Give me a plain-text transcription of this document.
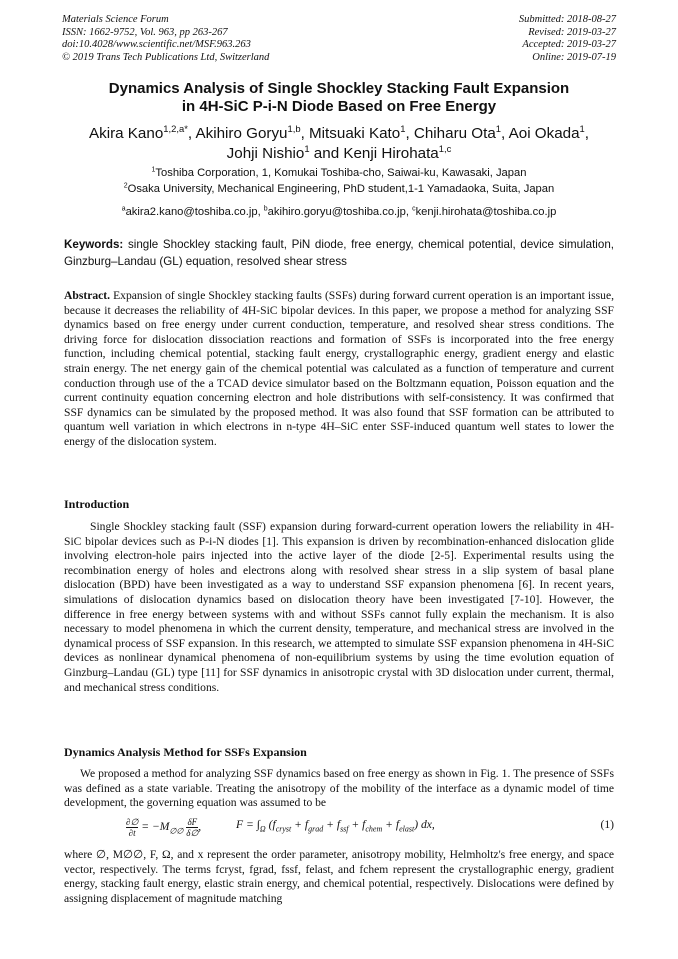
Materials Science Forum
ISSN: 1662-9752, Vol. 963, pp 263-267
doi:10.4028/www.scientific.net/MSF.963.263
© 2019 Trans Tech Publications Ltd, Switzerland
Submitted: 2018-08-27
Revised: 2019-03-27
Accepted: 2019-03-27
Online: 2019-07-19
Dynamics Analysis of Single Shockley Stacking Fault Expansion
in 4H-SiC P-i-N Diode Based on Free Energy
Akira Kano$^{1,2,a*}$, Akihiro Goryu$^{1,b}$, Mitsuaki Kato$^1$, Chiharu Ota$^1$, Aoi Okada$^1$,
Johji Nishio$^1$ and Kenji Hirohata$^{1,c}$
$^1$Toshiba Corporation, 1, Komukai Toshiba-cho, Saiwai-ku, Kawasaki, Japan
$^2$Osaka University, Mechanical Engineering, PhD student,1-1 Yamadaoka, Suita, Japan
$^a$akira2.kano@toshiba.co.jp, $^b$akihiro.goryu@toshiba.co.jp, $^c$kenji.hirohata@toshiba.co.jp
Keywords: single Shockley stacking fault, PiN diode, free energy, chemical potential, device simulation, Ginzburg–Landau (GL) equation, resolved shear stress
Abstract. Expansion of single Shockley stacking faults (SSFs) during forward current operation is an important issue, because it decreases the reliability of 4H-SiC bipolar devices. In this paper, we propose a method for analyzing SSF dynamics based on free energy under current conduction, temperature, and resolved shear stress conditions. The driving force for dislocation dissociation reactions and formation of SSFs is incorporated into the free energy function, including chemical potential, stacking fault energy, crystallographic energy, gradient energy and elastic strain energy. The net energy gain of the chemical potential was calculated as a function of temperature and current conduction through use of the a TCAD device simulator based on the Boltzmann equation, Poisson equation and the current continuity equation concerning electron and hole distributions with self-consistency. It was confirmed that SSF dynamics can be simulated by the proposed method. It was also found that SSF formation can be attributed to quantum well variation in which electrons in n-type 4H–SiC enter SSF-induced quantum well states to lower the energy of the dislocation system.
Introduction
Single Shockley stacking fault (SSF) expansion during forward-current operation lowers the reliability in 4H-SiC bipolar devices such as P-i-N diodes [1]. This expansion is driven by recombination-enhanced dislocation glide involving electron-hole pairs injected into the active layer of the diode [2-5]. Experimental results using the recombination energy of holes and electrons along with resolved shear stress in a slip system of basal plane dislocation (BPD) have been investigated as a way to understand SSF expansion phenomena [6]. In recent years, simulations of dislocation dynamics based on dislocation theory have been investigated [7-10]. However, the difference in free energy between systems with and without SSFs cannot fully explain the mechanism. It is also necessary to model phenomena in which the current density, temperature, and mechanical stress are involved in the dynamical process of SSF expansion. In this research, we attempted to simulate SSF expansion phenomena in 4H-SiC devices as nonlinear dynamical phenomena of non-equilibrium systems by using the time evolution equation of Ginzburg–Landau (GL) type [11] for SSF dynamics in anisotropic crystal with 3D dislocation under current, thermal, and mechanical stress conditions.
Dynamics Analysis Method for SSFs Expansion
We proposed a method for analyzing SSF dynamics based on free energy as shown in Fig. 1. The presence of SSFs was defined as a state variable. Treating the anisotropy of the mobility of the interface as a dynamic model of time development, the governing equation was assumed to be
∂∅
$\partial t = -M_{\emptyset\emptyset} \frac{\delta F}{\delta\emptyset}$ ,	$F = \int_\Omega$ $(f_{cryst} + f_{grad} + f_{ssf} + f_{chem} + f_{elast})$ dx,	(1)
where ∅, M∅∅, F, Ω, and x represent the order parameter, anisotropy mobility, Helmholtz's free energy, and space vector, respectively. The terms fcryst, fgrad, fssf, felast, and fchem represent the crystallographic energy, gradient energy, stacking fault energy, elastic strain energy, and chemical potential, respectively. Dislocations were defined by assigning displacement of magnitude matching
